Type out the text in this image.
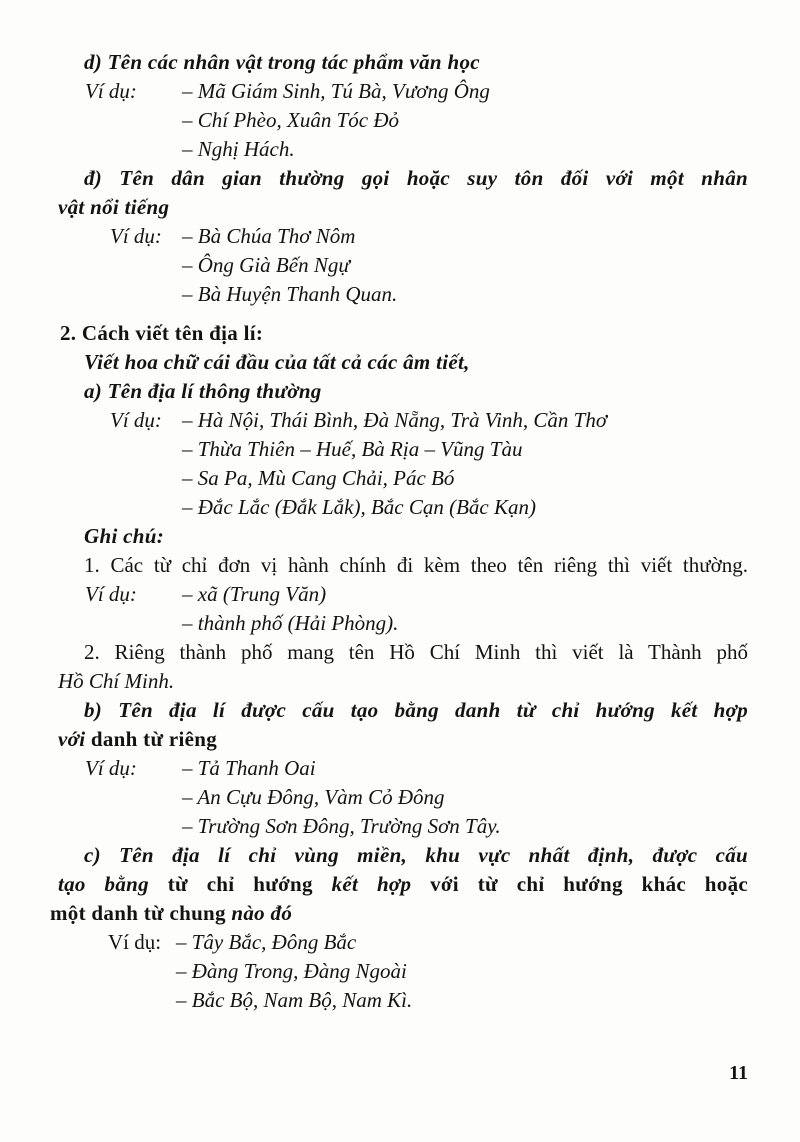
d) Tên các nhân vật trong tác phẩm văn học
Ví dụ: – Mã Giám Sinh, Tú Bà, Vương Ông
– Chí Phèo, Xuân Tóc Đỏ
– Nghị Hách.
đ) Tên dân gian thường gọi hoặc suy tôn đối với một nhân
vật nổi tiếng
Ví dụ: – Bà Chúa Thơ Nôm
– Ông Già Bến Ngự
– Bà Huyện Thanh Quan.
2. Cách viết tên địa lí:
Viết hoa chữ cái đầu của tất cả các âm tiết,
a) Tên địa lí thông thường
Ví dụ: – Hà Nội, Thái Bình, Đà Nẵng, Trà Vinh, Cần Thơ
– Thừa Thiên – Huế, Bà Rịa – Vũng Tàu
– Sa Pa, Mù Cang Chải, Pác Bó
– Đắc Lắc (Đắk Lắk), Bắc Cạn (Bắc Kạn)
Ghi chú:
1. Các từ chỉ đơn vị hành chính đi kèm theo tên riêng thì viết thường.
Ví dụ: – xã (Trung Văn)
– thành phố (Hải Phòng).
2. Riêng thành phố mang tên Hồ Chí Minh thì viết là Thành phố
Hồ Chí Minh.
b) Tên địa lí được cấu tạo bằng danh từ chỉ hướng kết hợp
với danh từ riêng
Ví dụ: – Tả Thanh Oai
– An Cựu Đông, Vàm Cỏ Đông
– Trường Sơn Đông, Trường Sơn Tây.
c) Tên địa lí chỉ vùng miền, khu vực nhất định, được cấu
tạo bằng từ chỉ hướng kết hợp với từ chỉ hướng khác hoặc
một danh từ chung nào đó
Ví dụ: – Tây Bắc, Đông Bắc
– Đàng Trong, Đàng Ngoài
– Bắc Bộ, Nam Bộ, Nam Kì.
11
